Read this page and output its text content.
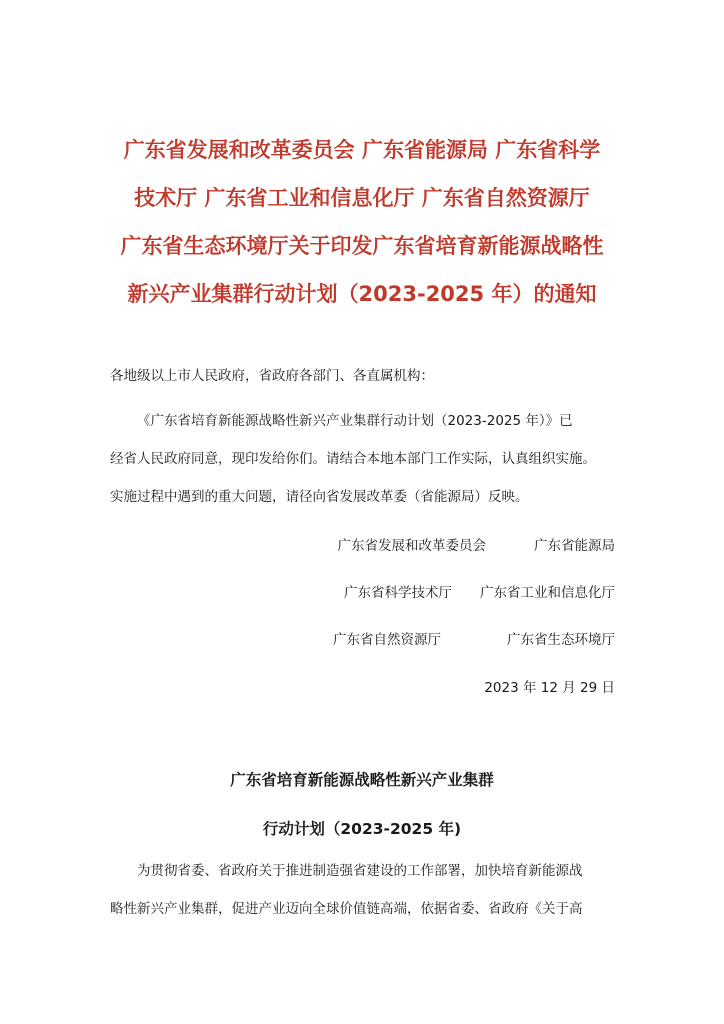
广东省发展和改革委员会 广东省能源局 广东省科学
技术厅 广东省工业和信息化厅 广东省自然资源厅
广东省生态环境厅关于印发广东省培育新能源战略性
新兴产业集群行动计划（2023-2025 年）的通知
各地级以上市人民政府，省政府各部门、各直属机构：

《广东省培育新能源战略性新兴产业集群行动计划（2023-2025 年）》已
经省人民政府同意，现印发给你们。请结合本地本部门工作实际，认真组织实施。
实施过程中遇到的重大问题，请径向省发展改革委（省能源局）反映。

广东省发展和改革委员会	广东省能源局
广东省科学技术厅 广东省工业和信息化厅
广东省自然资源厅	广东省生态环境厅
2023 年 12 月 29 日
广东省培育新能源战略性新兴产业集群
行动计划（2023-2025 年)

为贯彻省委、省政府关于推进制造强省建设的工作部署，加快培育新能源战
略性新兴产业集群，促进产业迈向全球价值链高端，依据省委、省政府《关于高
